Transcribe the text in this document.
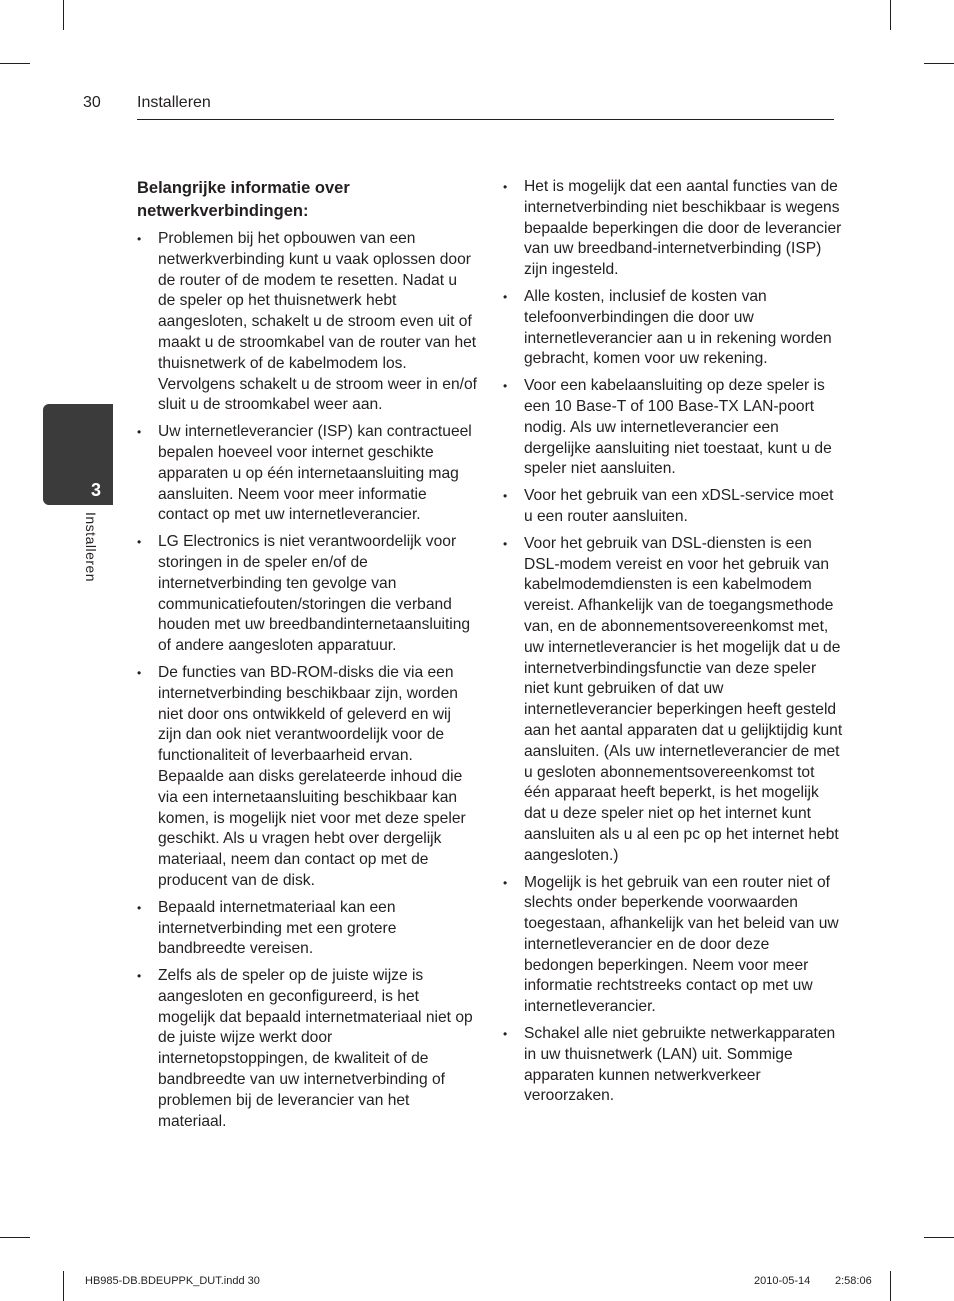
30 Installeren
3
Installeren
Belangrijke informatie over netwerkverbindingen:
• Problemen bij het opbouwen van een netwerkverbinding kunt u vaak oplossen door de router of de modem te resetten. Nadat u de speler op het thuisnetwerk hebt aangesloten, schakelt u de stroom even uit of maakt u de stroomkabel van de router van het thuisnetwerk of de kabelmodem los. Vervolgens schakelt u de stroom weer in en/of sluit u de stroomkabel weer aan.
• Uw internetleverancier (ISP) kan contractueel bepalen hoeveel voor internet geschikte apparaten u op één internetaansluiting mag aansluiten. Neem voor meer informatie contact op met uw internetleverancier.
• LG Electronics is niet verantwoordelijk voor storingen in de speler en/of de internetverbinding ten gevolge van communicatiefouten/storingen die verband houden met uw breedbandinternetaansluiting of andere aangesloten apparatuur.
• De functies van BD-ROM-disks die via een internetverbinding beschikbaar zijn, worden niet door ons ontwikkeld of geleverd en wij zijn dan ook niet verantwoordelijk voor de functionaliteit of leverbaarheid ervan. Bepaalde aan disks gerelateerde inhoud die via een internetaansluiting beschikbaar kan komen, is mogelijk niet voor met deze speler geschikt. Als u vragen hebt over dergelijk materiaal, neem dan contact op met de producent van de disk.
• Bepaald internetmateriaal kan een internetverbinding met een grotere bandbreedte vereisen.
• Zelfs als de speler op de juiste wijze is aangesloten en geconfigureerd, is het mogelijk dat bepaald internetmateriaal niet op de juiste wijze werkt door internetopstoppingen, de kwaliteit of de bandbreedte van uw internetverbinding of problemen bij de leverancier van het materiaal.
• Het is mogelijk dat een aantal functies van de internetverbinding niet beschikbaar is wegens bepaalde beperkingen die door de leverancier van uw breedband-internetverbinding (ISP) zijn ingesteld.
• Alle kosten, inclusief de kosten van telefoonverbindingen die door uw internetleverancier aan u in rekening worden gebracht, komen voor uw rekening.
• Voor een kabelaansluiting op deze speler is een 10 Base-T of 100 Base-TX LAN-poort nodig. Als uw internetleverancier een dergelijke aansluiting niet toestaat, kunt u de speler niet aansluiten.
• Voor het gebruik van een xDSL-service moet u een router aansluiten.
• Voor het gebruik van DSL-diensten is een DSL-modem vereist en voor het gebruik van kabelmodemdiensten is een kabelmodem vereist. Afhankelijk van de toegangsmethode van, en de abonnementsovereenkomst met, uw internetleverancier is het mogelijk dat u de internetverbindingsfunctie van deze speler niet kunt gebruiken of dat uw internetleverancier beperkingen heeft gesteld aan het aantal apparaten dat u gelijktijdig kunt aansluiten. (Als uw internetleverancier de met u gesloten abonnementsovereenkomst tot één apparaat heeft beperkt, is het mogelijk dat u deze speler niet op het internet kunt aansluiten als u al een pc op het internet hebt aangesloten.)
• Mogelijk is het gebruik van een router niet of slechts onder beperkende voorwaarden toegestaan, afhankelijk van het beleid van uw internetleverancier en de door deze bedongen beperkingen. Neem voor meer informatie rechtstreeks contact op met uw internetleverancier.
• Schakel alle niet gebruikte netwerkapparaten in uw thuisnetwerk (LAN) uit. Sommige apparaten kunnen netwerkverkeer veroorzaken.
HB985-DB.BDEUPPK_DUT.indd 30	2010-05-14 2:58:06
